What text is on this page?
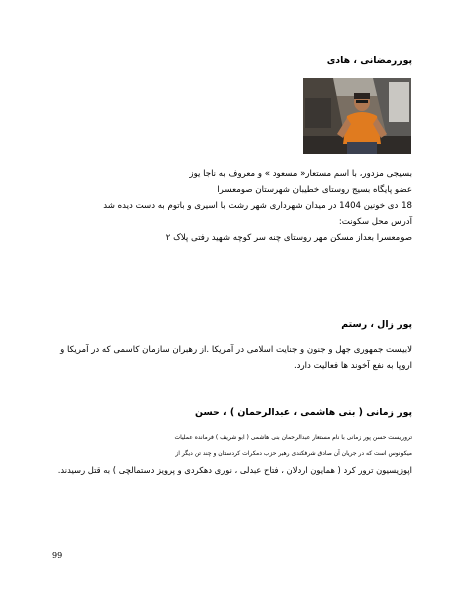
پوررمضانی ، هادی
بسیجی مزدور، با اسم مستعار« مسعود » و معروف به ناجا یوز
عضو پایگاه بسیج روستای خطیبان شهرستان صومعسرا
18 دی خونین 1404 در میدان شهرداری شهر رشت با اسیری و باتوم به دست دیده شد
آدرس محل سکونت:
صومعسرا بعداز مسکن مهر روستای چنه سر کوچه شهید رفتی پلاک ۲
پور زال ، رستم
لابیست جمهوری جهل و جنون و جنایت اسلامی در آمریکا .از رهبران سازمان کاسمی که در آمریکا و
اروپا به نفع آخوند ها فعالیت دارد.
پور زمانی ( بنی هاشمی ، عبدالرحمان ) ، حسن
تروریست حسن پور زمانی با نام مستعار عبدالرحمان بنی هاشمی ( ابو شریف ) فرمانده عملیات
میکونوس است که در جریان آن صادق شرفکندی رهبر حزب دمکرات کردستان و چند تن دیگر از
اپوزیسیون ترور کرد ( همایون اردلان ، فتاح عبدلی ، نوری دهکردی و پرویز دستمالچی ) به قتل رسیدند.
99
